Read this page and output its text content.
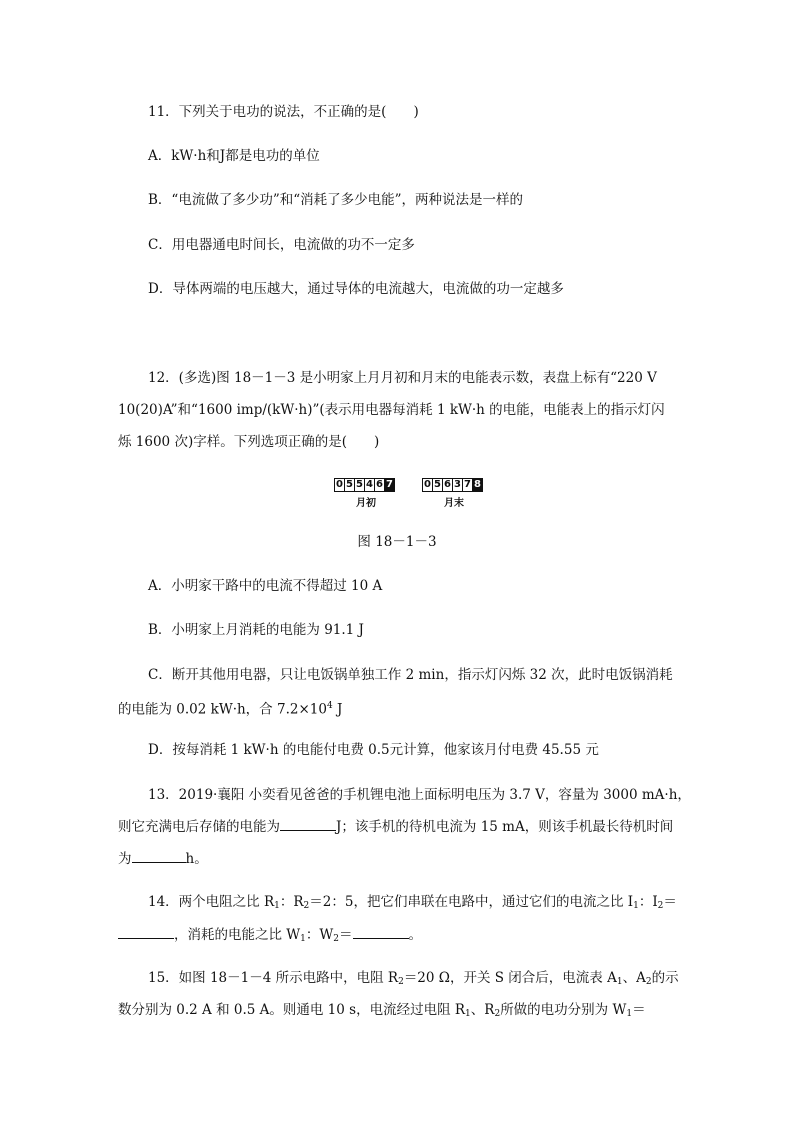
11．下列关于电功的说法，不正确的是(　　)
A．kW·h和J都是电功的单位
B．“电流做了多少功”和“消耗了多少电能”，两种说法是一样的
C．用电器通电时间长，电流做的功不一定多
D．导体两端的电压越大，通过导体的电流越大，电流做的功一定越多
12．(多选)图 18－1－3 是小明家上月月初和月末的电能表示数，表盘上标有“220 V
10(20)A”和“1600 imp/(kW·h)”(表示用电器每消耗 1 kW·h 的电能，电能表上的指示灯闪
烁 1600 次)字样。下列选项正确的是(　　)
0 5 5 4 6 7
月初
0 5 6 3 7 8
月末
图 18－1－3
A．小明家干路中的电流不得超过 10 A
B．小明家上月消耗的电能为 91.1 J
C．断开其他用电器，只让电饭锅单独工作 2 min，指示灯闪烁 32 次，此时电饭锅消耗
的电能为 0.02 kW·h，合 $7.2\times 10^4$ J
D．按每消耗 1 kW·h 的电能付电费 0.5元计算，他家该月付电费 45.55 元
13．2019·襄阳 小奕看见爸爸的手机锂电池上面标明电压为 3.7 V，容量为 3000 mA·h，
则它充满电后存储的电能为	J；该手机的待机电流为 15 mA，则该手机最长待机时间
为	h。
14．两个电阻之比 $R_1$：$R_2=2$：5，把它们串联在电路中，通过它们的电流之比 $I_1$：$I_2=$
，消耗的电能之比 $W_1$：$W_2=$	。
15．如图 18－1－4 所示电路中，电阻 $R_2=20$ Ω，开关 S 闭合后，电流表 $A_1$、$A_2$的示
数分别为 0.2 A 和 0.5 A。则通电 10 s，电流经过电阻 $R_1$、$R_2$所做的电功分别为 $W_1=$
